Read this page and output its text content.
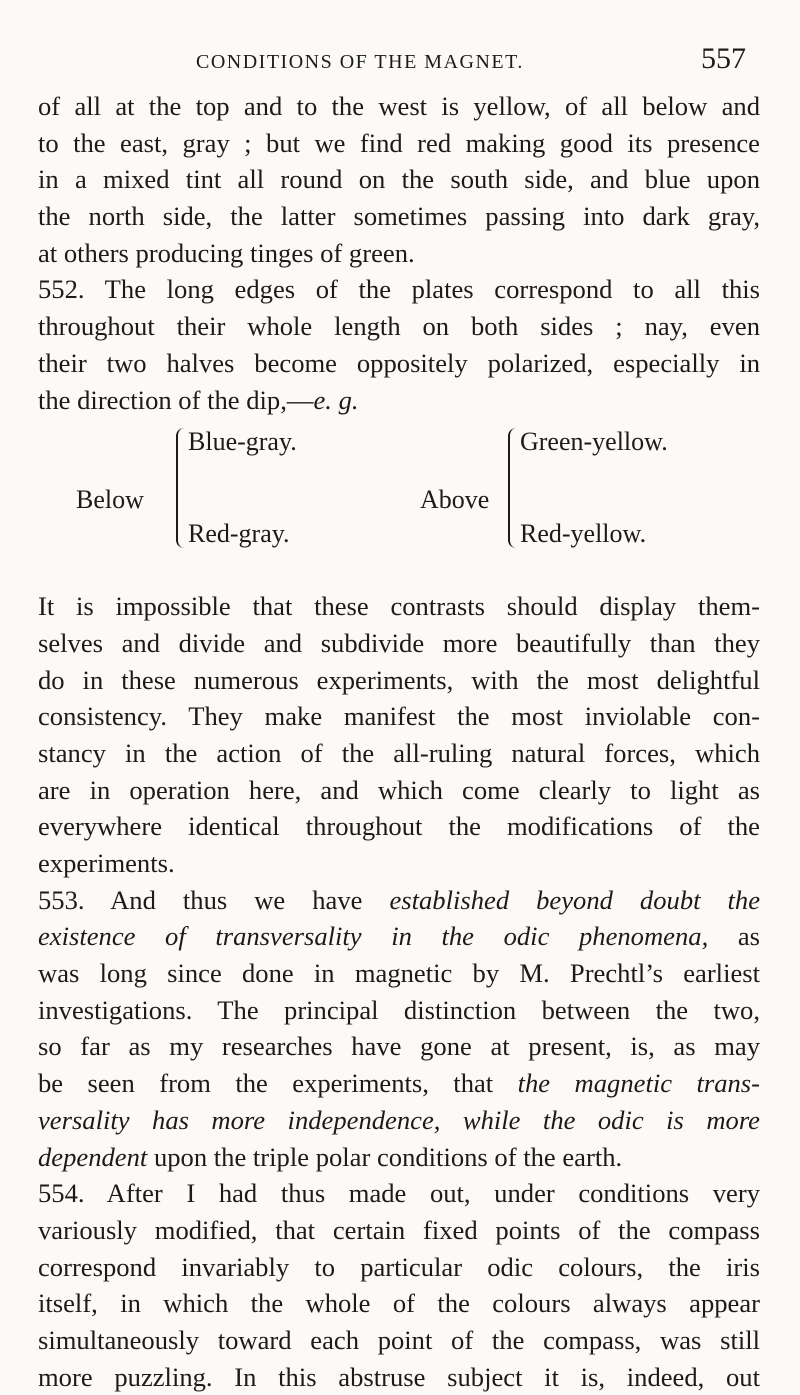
CONDITIONS OF THE MAGNET.	557
of all at the top and to the west is yellow, of all below and
to the east, gray ; but we find red making good its presence
in a mixed tint all round on the south side, and blue upon
the north side, the latter sometimes passing into dark gray,
at others producing tinges of green.
552. The long edges of the plates correspond to all this
throughout their whole length on both sides ; nay, even
their two halves become oppositely polarized, especially in
the direction of the dip,—e. g.
Below
Blue-gray.
Red-gray.
Above
Green-yellow.
Red-yellow.
It is impossible that these contrasts should display them-
selves and divide and subdivide more beautifully than they
do in these numerous experiments, with the most delightful
consistency. They make manifest the most inviolable con-
stancy in the action of the all-ruling natural forces, which
are in operation here, and which come clearly to light as
everywhere identical throughout the modifications of the
experiments.
553. And thus we have established beyond doubt the
existence of transversality in the odic phenomena, as
was long since done in magnetic by M. Prechtl’s earliest
investigations. The principal distinction between the two,
so far as my researches have gone at present, is, as may
be seen from the experiments, that the magnetic trans-
versality has more independence, while the odic is more
dependent upon the triple polar conditions of the earth.
554. After I had thus made out, under conditions very
variously modified, that certain fixed points of the compass
correspond invariably to particular odic colours, the iris
itself, in which the whole of the colours always appear
simultaneously toward each point of the compass, was still
more puzzling. In this abstruse subject it is, indeed, out
